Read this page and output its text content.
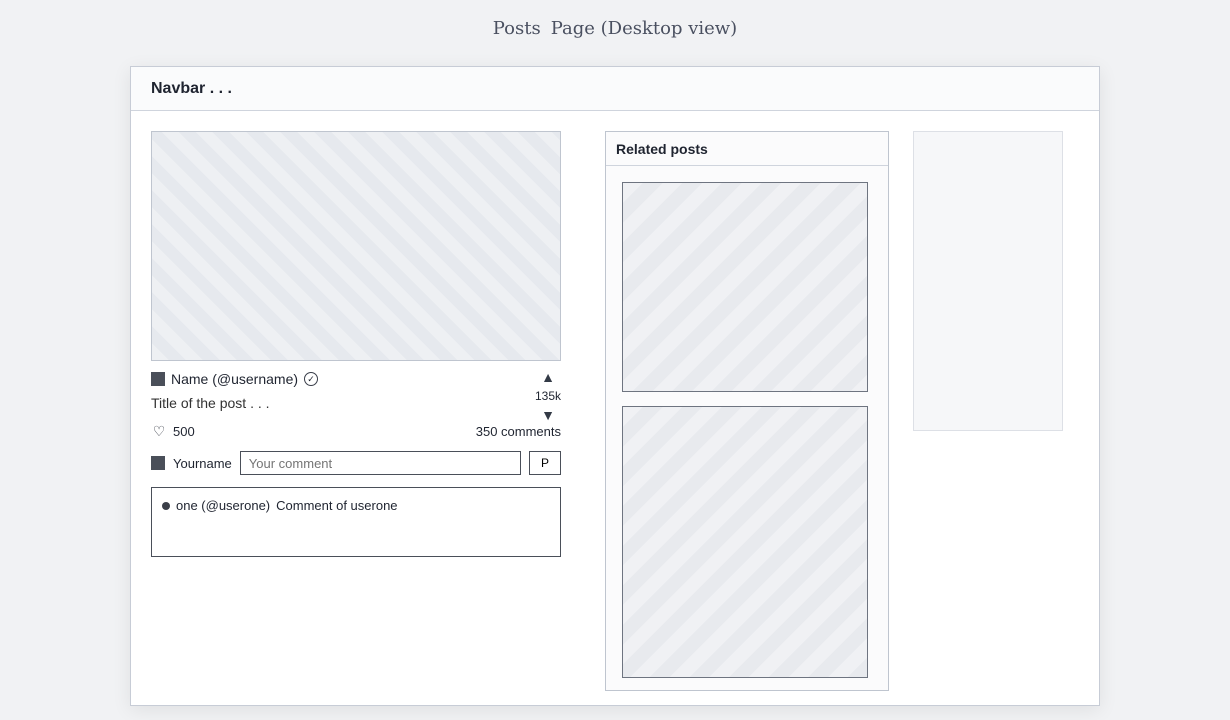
Posts Page (Desktop view)
Navbar . . .
▲
135k
▼
Name (@username)	✓
Title of the post . . .
♡ 500	350 comments
Yourname
Your comment	P
one (@userone) Comment of userone
Related posts
